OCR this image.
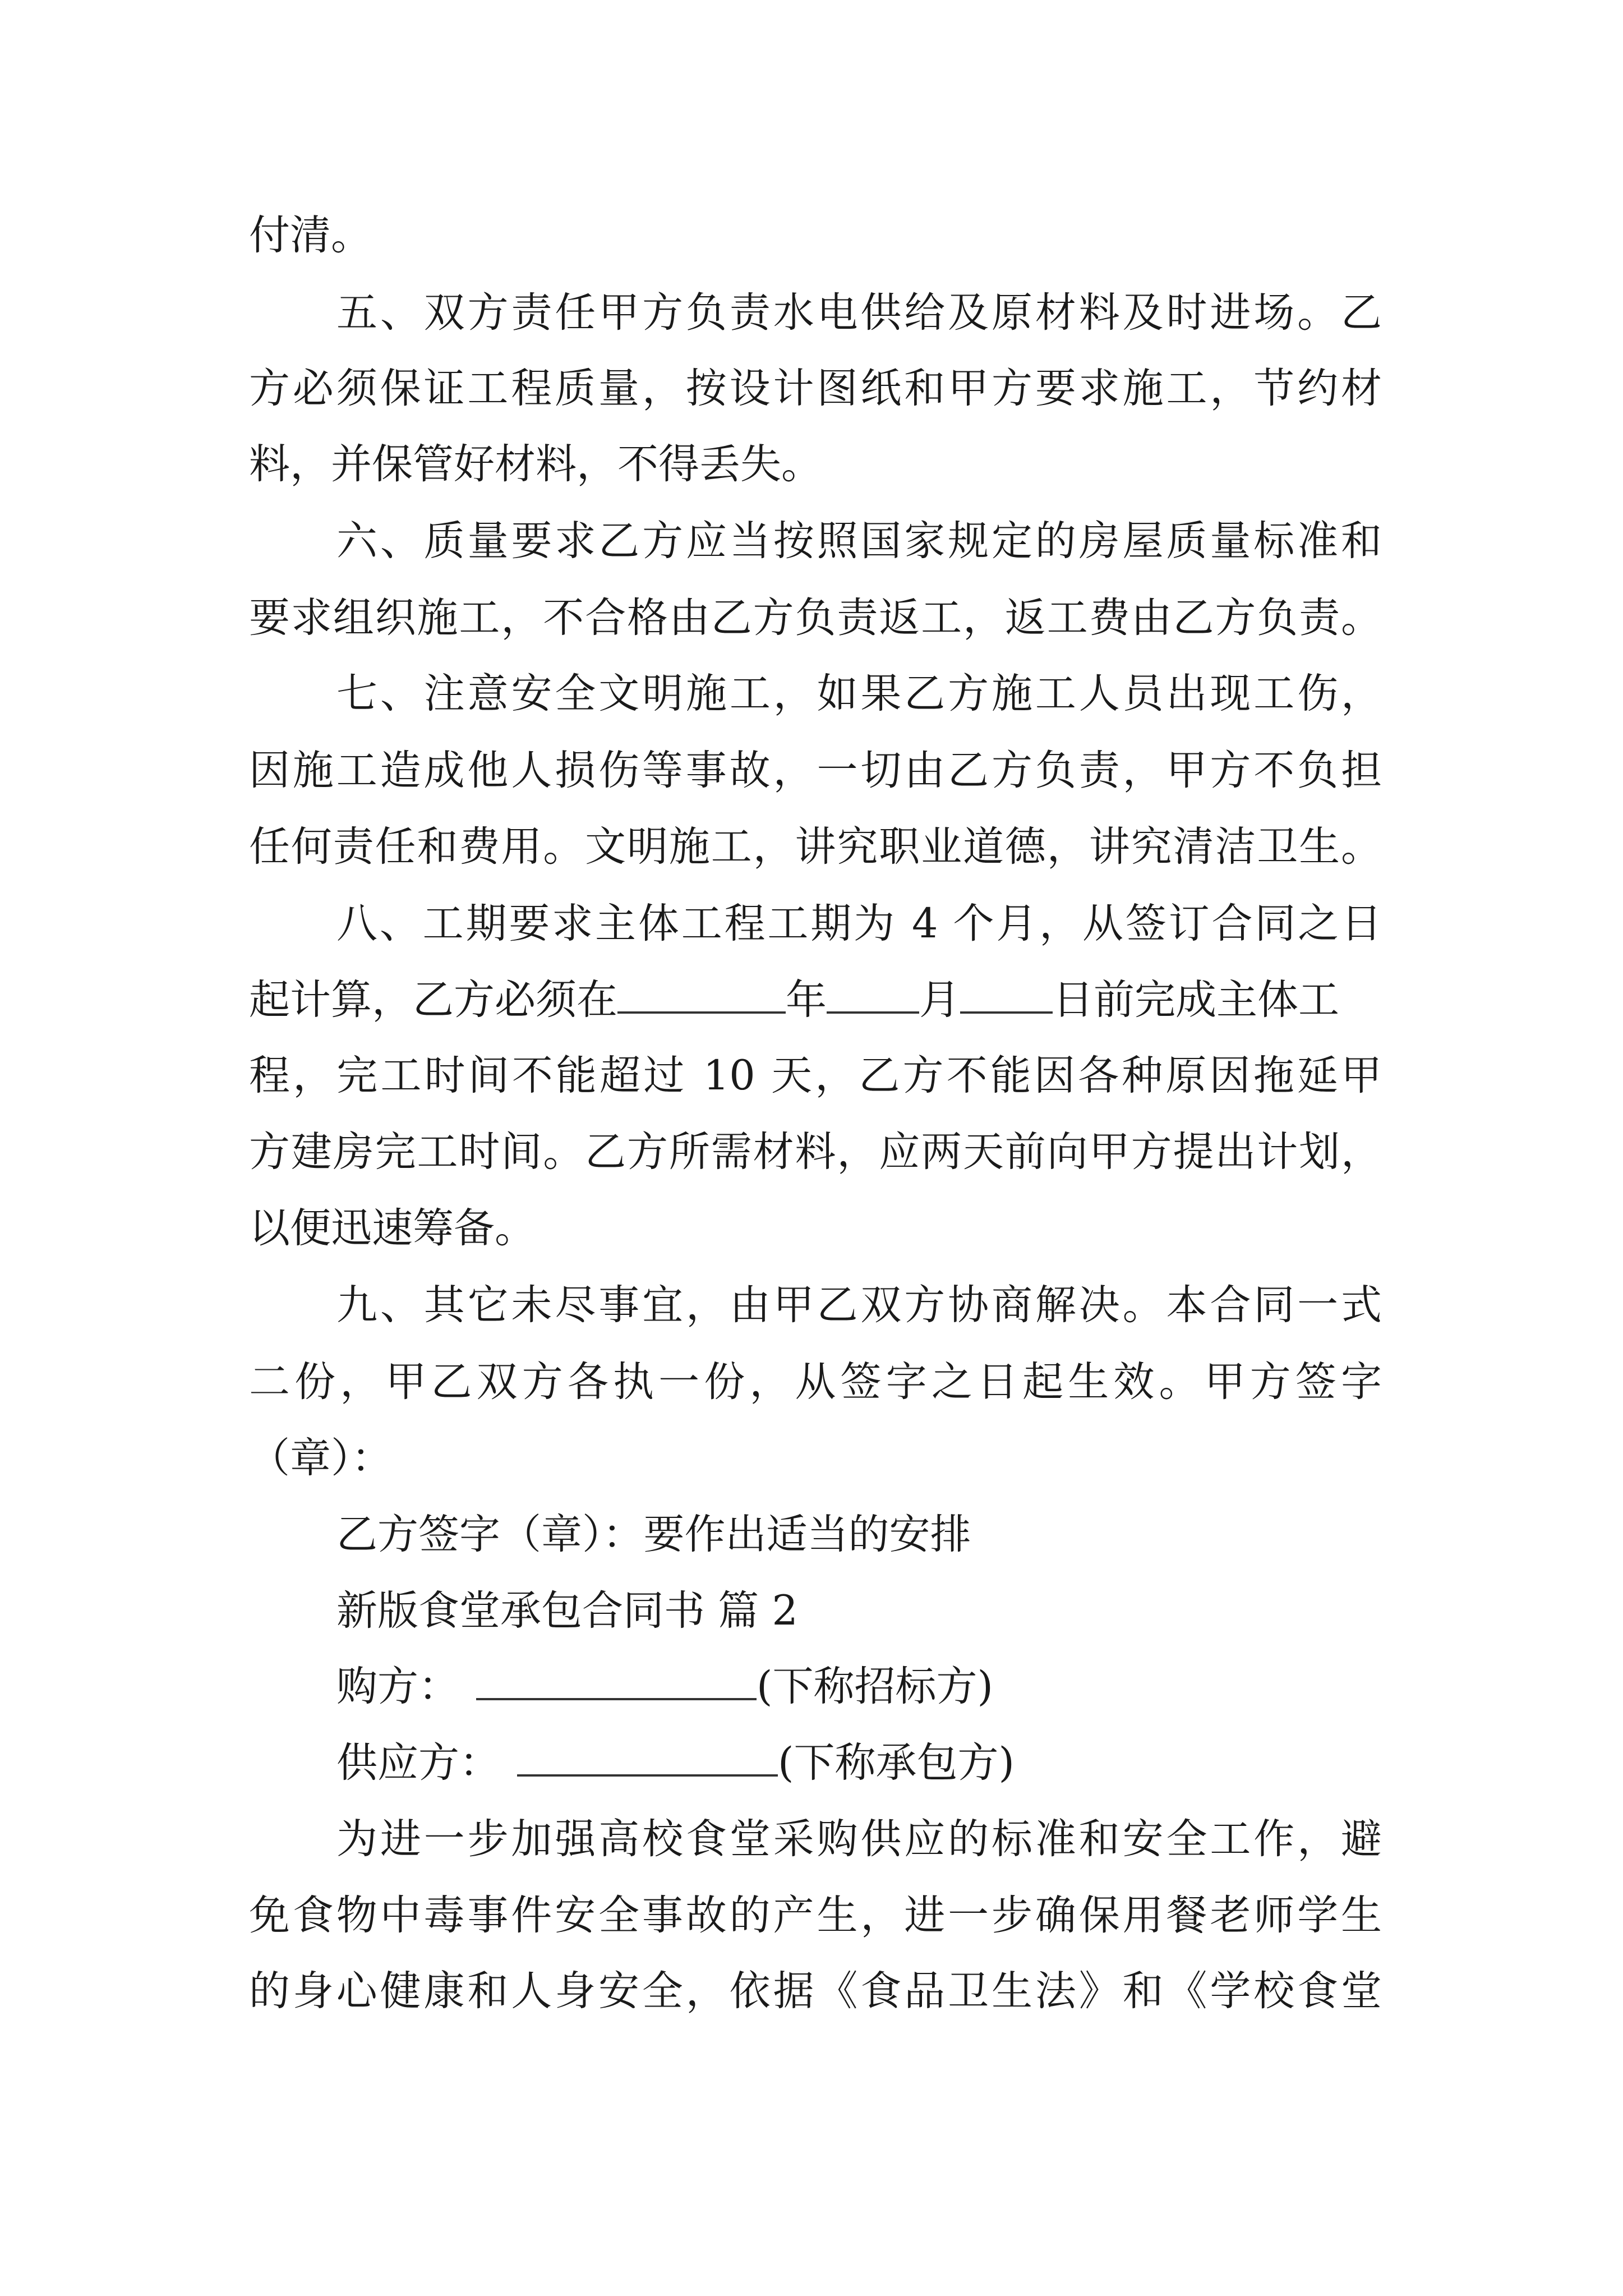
付清。
五、双方责任甲方负责水电供给及原材料及时进场。乙
方必须保证工程质量，按设计图纸和甲方要求施工，节约材
料，并保管好材料，不得丢失。
六、质量要求乙方应当按照国家规定的房屋质量标准和
要求组织施工，不合格由乙方负责返工，返工费由乙方负责。
七、注意安全文明施工，如果乙方施工人员出现工伤，
因施工造成他人损伤等事故，一切由乙方负责，甲方不负担
任何责任和费用。文明施工，讲究职业道德，讲究清洁卫生。
八、工期要求主体工程工期为 4 个月，从签订合同之日
起计算，乙方必须在	年 月 日前完成主体工
程，完工时间不能超过 10 天，乙方不能因各种原因拖延甲
方建房完工时间。乙方所需材料，应两天前向甲方提出计划，
以便迅速筹备。
九、其它未尽事宜，由甲乙双方协商解决。本合同一式
二份，甲乙双方各执一份，从签字之日起生效。甲方签字
（章）：
乙方签字（章）：要作出适当的安排
新版食堂承包合同书 篇 2
购方：	(下称招标方)
供应方：	(下称承包方)
为进一步加强高校食堂采购供应的标准和安全工作，避
免食物中毒事件安全事故的产生，进一步确保用餐老师学生
的身心健康和人身安全，依据《食品卫生法》和《学校食堂
